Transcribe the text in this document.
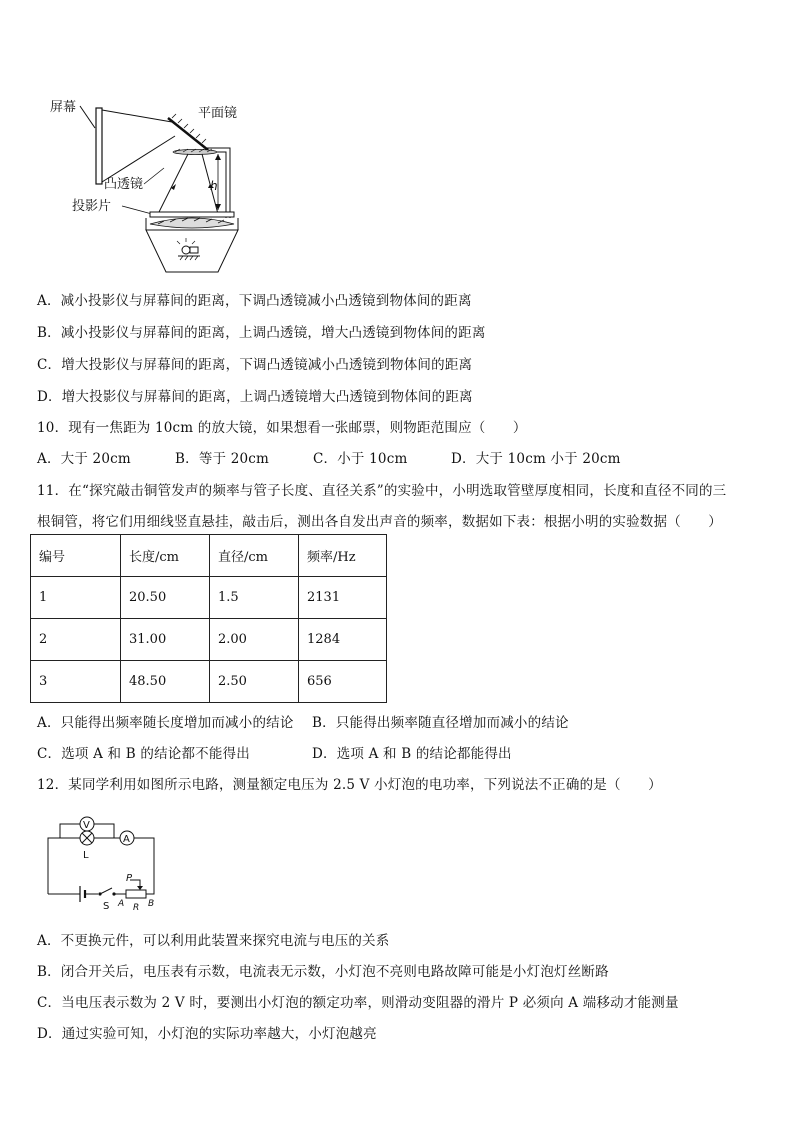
屏幕	平面镜
凸透镜	h
投影片
A．减小投影仪与屏幕间的距离，下调凸透镜减小凸透镜到物体间的距离
B．减小投影仪与屏幕间的距离，上调凸透镜，增大凸透镜到物体间的距离
C．增大投影仪与屏幕间的距离，下调凸透镜减小凸透镜到物体间的距离
D．增大投影仪与屏幕间的距离，上调凸透镜增大凸透镜到物体间的距离
10．现有一焦距为 10cm 的放大镜，如果想看一张邮票，则物距范围应（　　）
A．大于 20cm	B．等于 20cm	C．小于 10cm	D．大于 10cm 小于 20cm
11．在“探究敲击铜管发声的频率与管子长度、直径关系”的实验中，小明选取管壁厚度相同，长度和直径不同的三
根铜管，将它们用细线竖直悬挂，敲击后，测出各自发出声音的频率，数据如下表：根据小明的实验数据（　　）
编号	长度/cm	直径/cm	频率/Hz
1	20.50	1.5	2131
2	31.00	2.00	1284
3	48.50	2.50	656
A．只能得出频率随长度增加而减小的结论 B．只能得出频率随直径增加而减小的结论
C．选项 A 和 B 的结论都不能得出	D．选项 A 和 B 的结论都能得出
12．某同学利用如图所示电路，测量额定电压为 2.5 V 小灯泡的电功率，下列说法不正确的是（　　）
V
L
A
S
P
A R B
A．不更换元件，可以利用此装置来探究电流与电压的关系
B．闭合开关后，电压表有示数，电流表无示数，小灯泡不亮则电路故障可能是小灯泡灯丝断路
C．当电压表示数为 2 V 时，要测出小灯泡的额定功率，则滑动变阻器的滑片 P 必须向 A 端移动才能测量
D．通过实验可知，小灯泡的实际功率越大，小灯泡越亮
